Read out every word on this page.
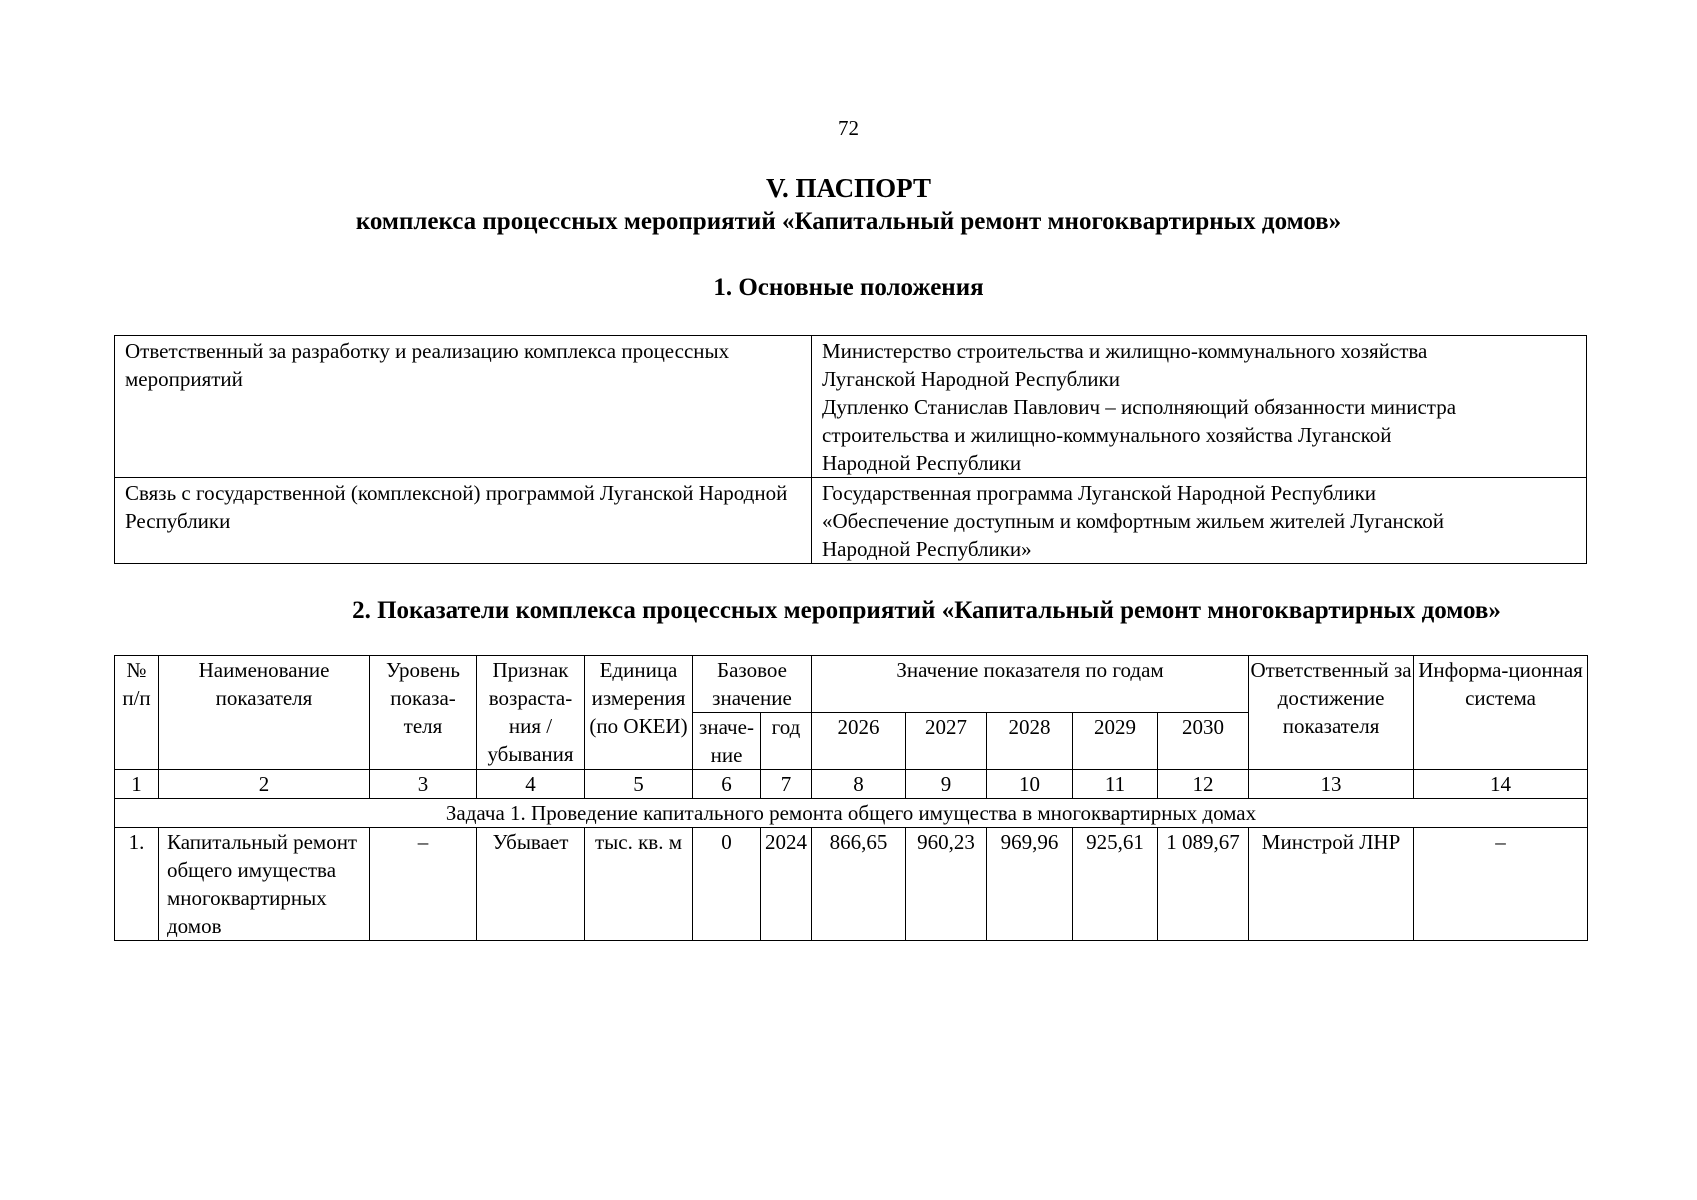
72
V. ПАСПОРТ
комплекса процессных мероприятий «Капитальный ремонт многоквартирных домов»
1. Основные положения
Ответственный за разработку и реализацию комплекса процессных мероприятий	Министерство строительства и жилищно-коммунального хозяйства
Луганской Народной Республики
Дупленко Станислав Павлович – исполняющий обязанности министра
строительства и жилищно-коммунального хозяйства Луганской
Народной Республики

Связь с государственной (комплексной) программой Луганской Народной Республики	Государственная программа Луганской Народной Республики
«Обеспечение доступным и комфортным жильем жителей Луганской
Народной Республики»
2. Показатели комплекса процессных мероприятий «Капитальный ремонт многоквартирных домов»
№ п/п	Наименование показателя	Уровень показа-теля	Признак возраста-ния / убывания	Единица измерения (по ОКЕИ)	Базовое значение		Значение показателя по годам					Ответственный за достижение показателя	Информа-ционная система
					значе-ние	год	2026	2027	2028	2029	2030		
1	2	3	4	5	6	7	8	9	10	11	12	13	14
Задача 1. Проведение капитального ремонта общего имущества в многоквартирных домах													
1.	Капитальный ремонт общего имущества многоквартирных домов	–	Убывает	тыс. кв. м	0	2024	866,65	960,23	969,96	925,61	1 089,67	Минстрой ЛНР	–
